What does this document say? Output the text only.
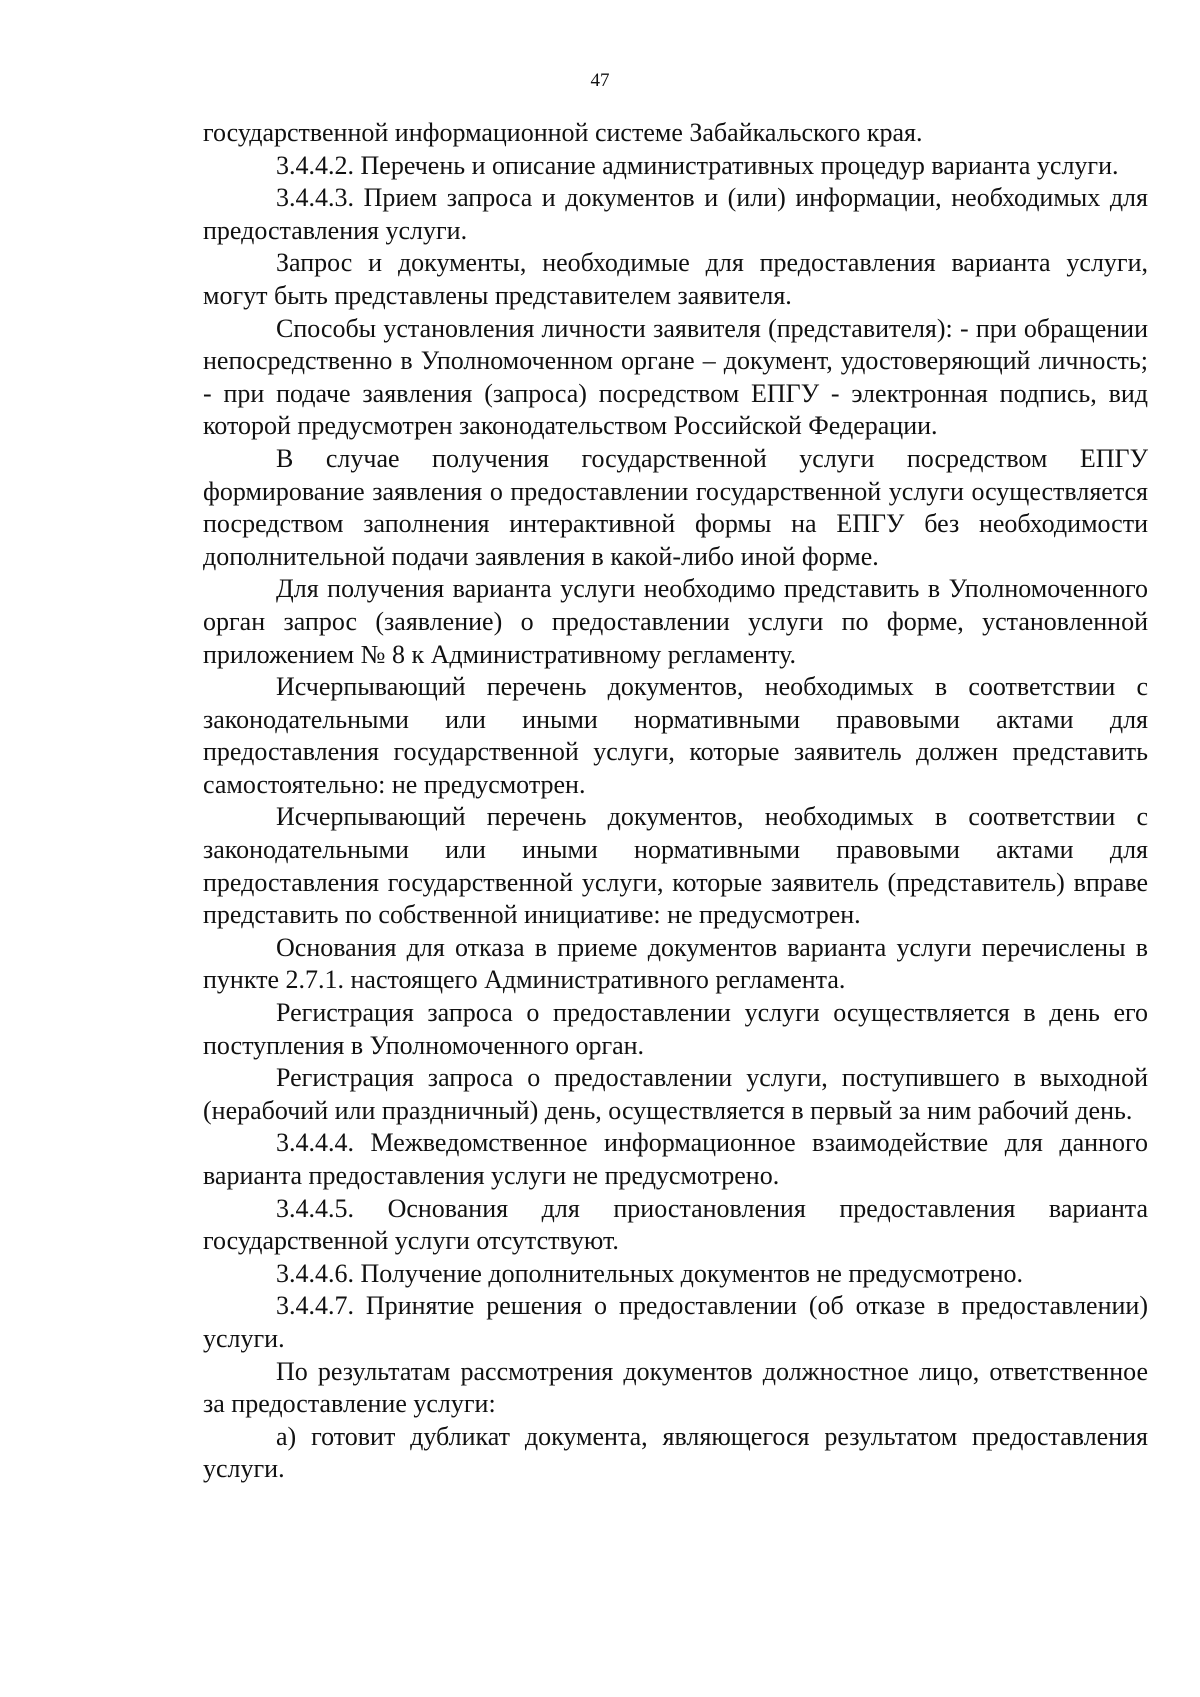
47

государственной информационной системе Забайкальского края.

3.4.4.2. Перечень и описание административных процедур варианта услуги.

3.4.4.3. Прием запроса и документов и (или) информации, необходимых для предоставления услуги.

Запрос и документы, необходимые для предоставления варианта услуги, могут быть представлены представителем заявителя.

Способы установления личности заявителя (представителя): - при обращении непосредственно в Уполномоченном органе – документ, удостоверяющий личность; - при подаче заявления (запроса) посредством ЕПГУ - электронная подпись, вид которой предусмотрен законодательством Российской Федерации.

В случае получения государственной услуги посредством ЕПГУ формирование заявления о предоставлении государственной услуги осуществляется посредством заполнения интерактивной формы на ЕПГУ без необходимости дополнительной подачи заявления в какой-либо иной форме.

Для получения варианта услуги необходимо представить в Уполномоченного орган запрос (заявление) о предоставлении услуги по форме, установленной приложением № 8 к Административному регламенту.

Исчерпывающий перечень документов, необходимых в соответствии с законодательными или иными нормативными правовыми актами для предоставления государственной услуги, которые заявитель должен представить самостоятельно: не предусмотрен.

Исчерпывающий перечень документов, необходимых в соответствии с законодательными или иными нормативными правовыми актами для предоставления государственной услуги, которые заявитель (представитель) вправе представить по собственной инициативе: не предусмотрен.

Основания для отказа в приеме документов варианта услуги перечислены в пункте 2.7.1. настоящего Административного регламента.

Регистрация запроса о предоставлении услуги осуществляется в день его поступления в Уполномоченного орган.

Регистрация запроса о предоставлении услуги, поступившего в выходной (нерабочий или праздничный) день, осуществляется в первый за ним рабочий день.

3.4.4.4. Межведомственное информационное взаимодействие для данного варианта предоставления услуги не предусмотрено.

3.4.4.5. Основания для приостановления предоставления варианта государственной услуги отсутствуют.

3.4.4.6. Получение дополнительных документов не предусмотрено.

3.4.4.7. Принятие решения о предоставлении (об отказе в предоставлении) услуги.

По результатам рассмотрения документов должностное лицо, ответственное за предоставление услуги:

а) готовит дубликат документа, являющегося результатом предоставления услуги.
